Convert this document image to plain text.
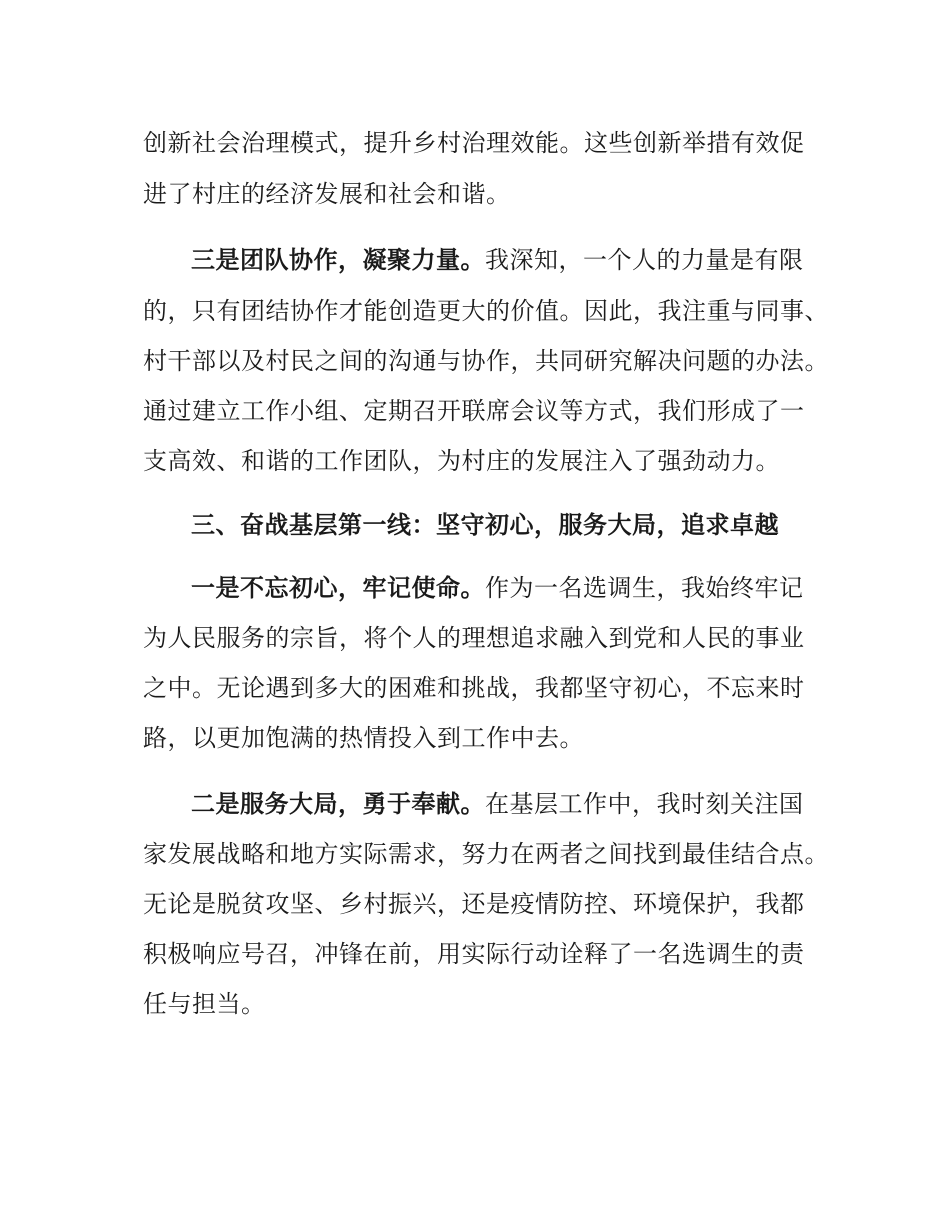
创新社会治理模式，提升乡村治理效能。这些创新举措有效促
进了村庄的经济发展和社会和谐。
三是团队协作，凝聚力量。我深知，一个人的力量是有限
的，只有团结协作才能创造更大的价值。因此，我注重与同事、
村干部以及村民之间的沟通与协作，共同研究解决问题的办法。
通过建立工作小组、定期召开联席会议等方式，我们形成了一
支高效、和谐的工作团队，为村庄的发展注入了强劲动力。
三、奋战基层第一线：坚守初心，服务大局，追求卓越
一是不忘初心，牢记使命。作为一名选调生，我始终牢记
为人民服务的宗旨，将个人的理想追求融入到党和人民的事业
之中。无论遇到多大的困难和挑战，我都坚守初心，不忘来时
路，以更加饱满的热情投入到工作中去。
二是服务大局，勇于奉献。在基层工作中，我时刻关注国
家发展战略和地方实际需求，努力在两者之间找到最佳结合点。
无论是脱贫攻坚、乡村振兴，还是疫情防控、环境保护，我都
积极响应号召，冲锋在前，用实际行动诠释了一名选调生的责
任与担当。
